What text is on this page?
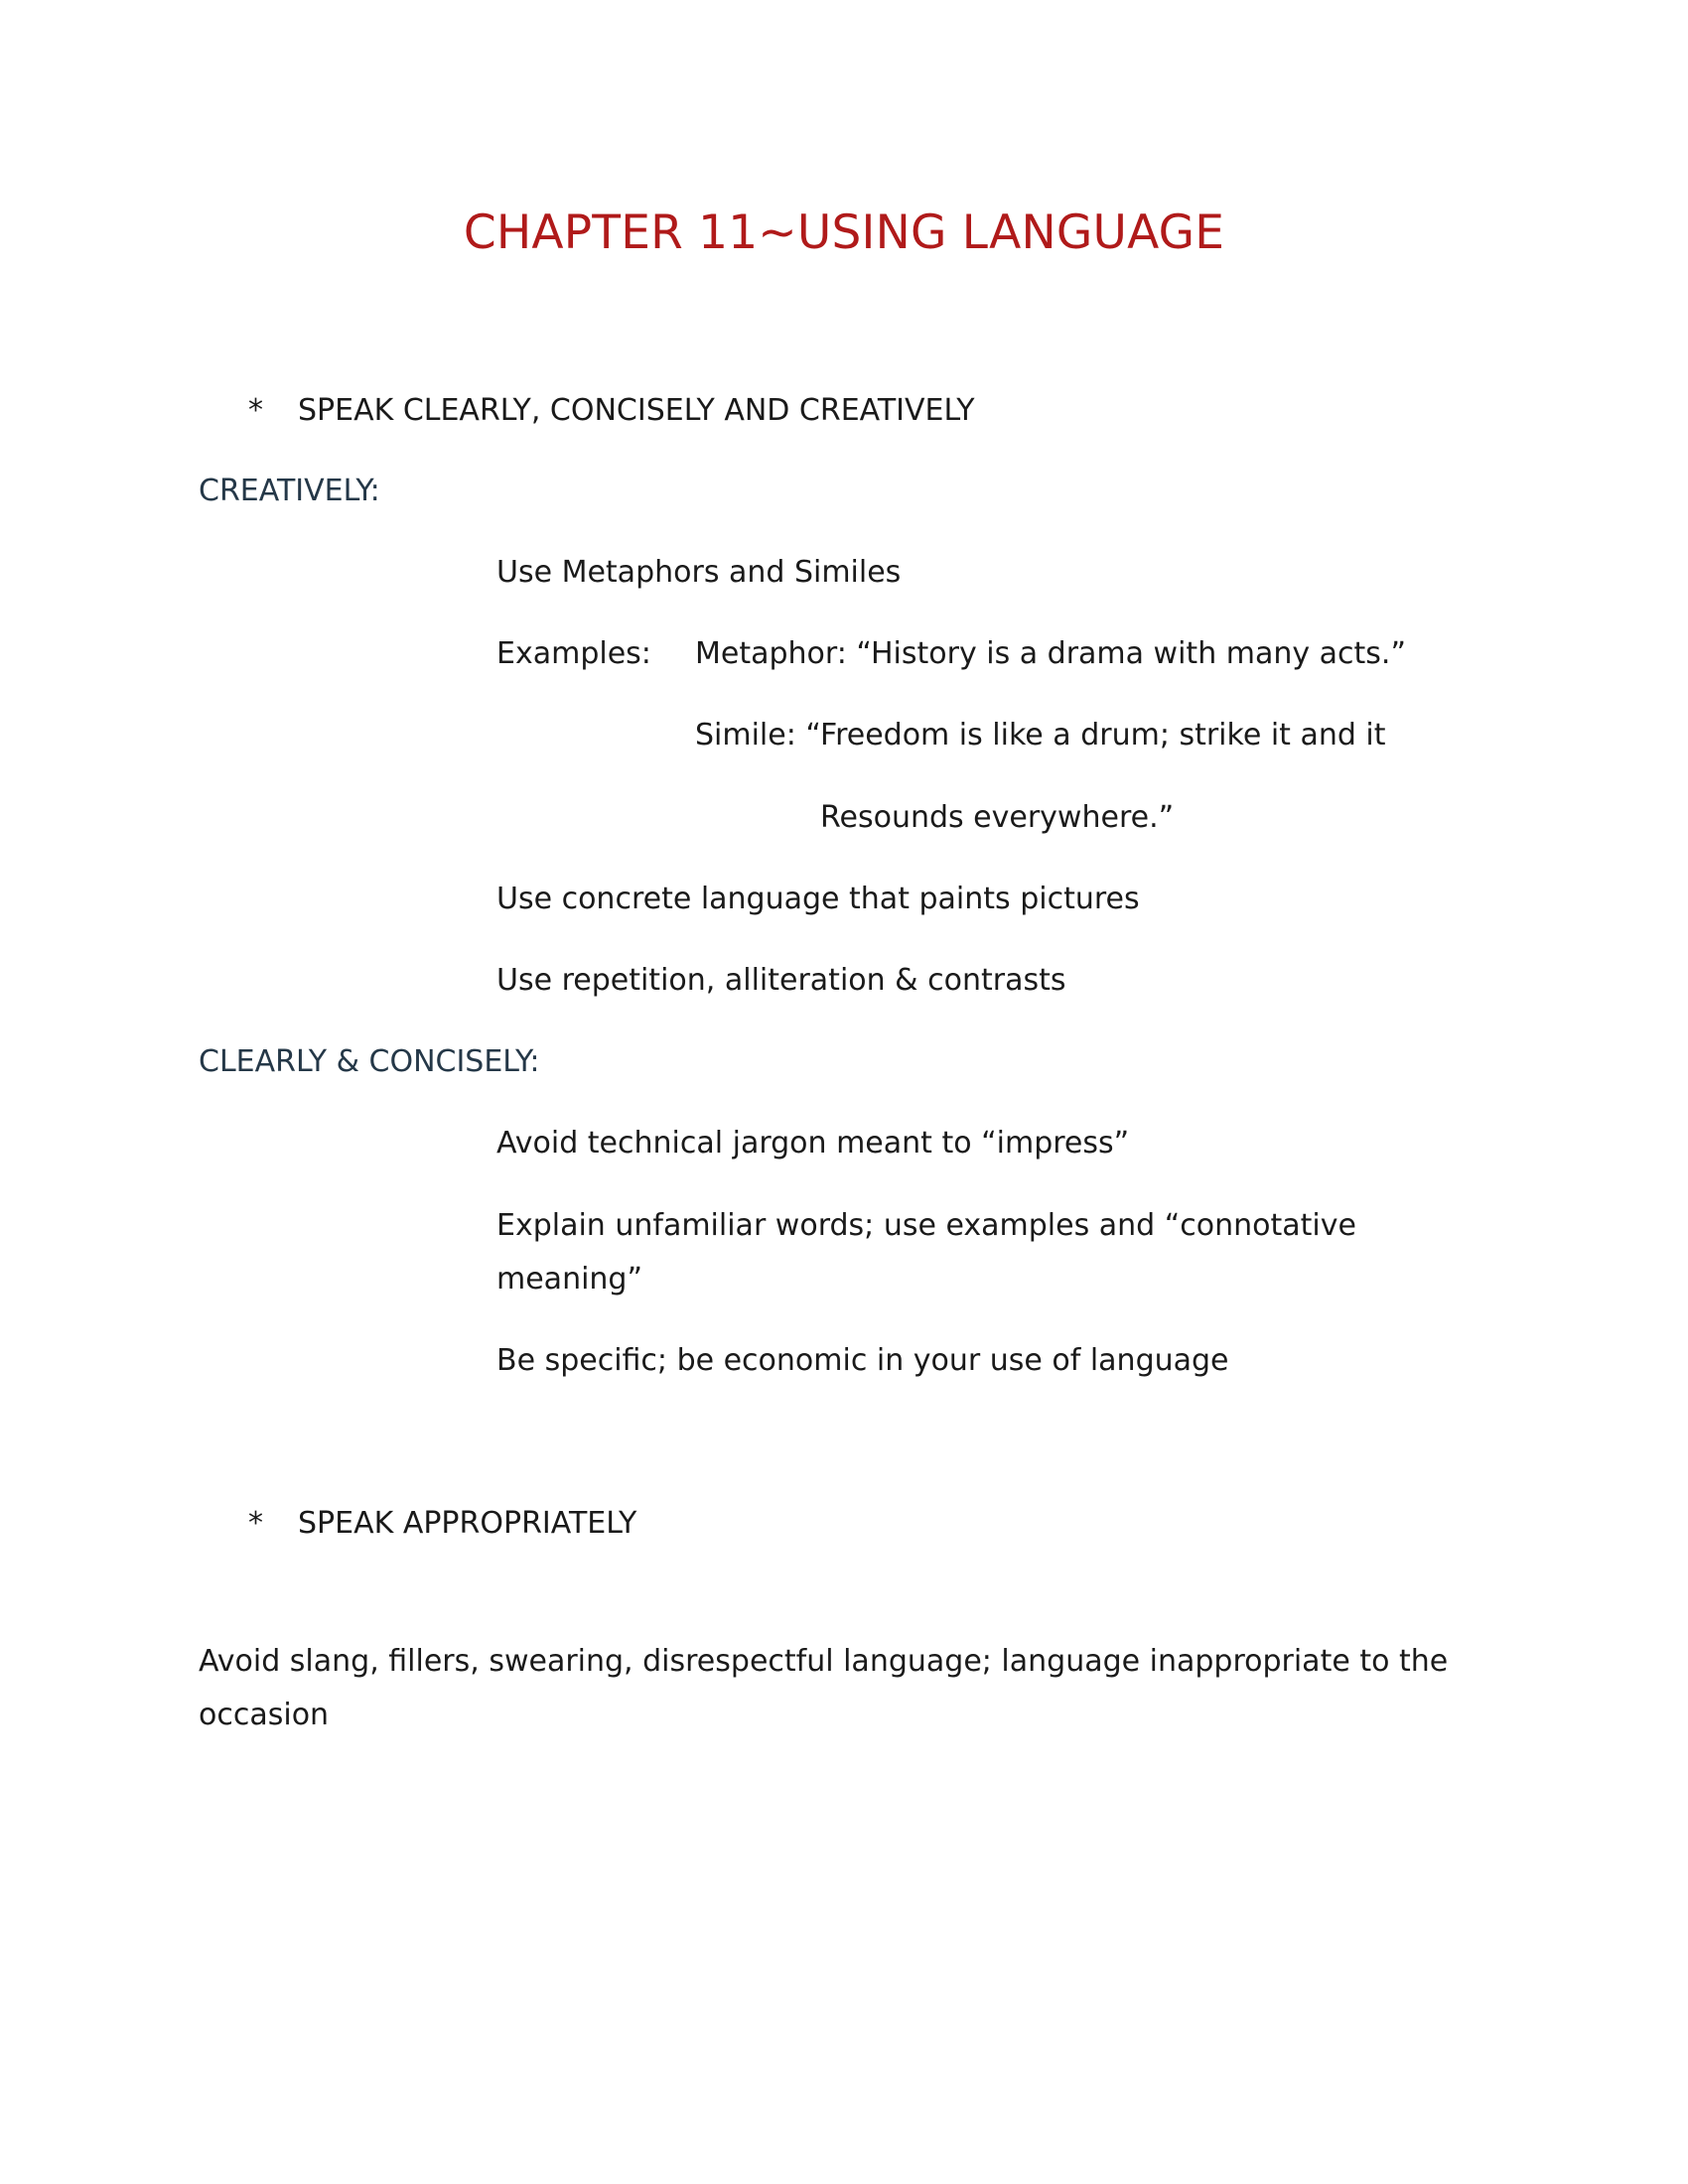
CHAPTER 11~USING LANGUAGE
* SPEAK CLEARLY, CONCISELY AND CREATIVELY
CREATIVELY:
Use Metaphors and Similes
Examples: Metaphor: “History is a drama with many acts.”
Simile: “Freedom is like a drum; strike it and it
Resounds everywhere.”
Use concrete language that paints pictures
Use repetition, alliteration & contrasts
CLEARLY & CONCISELY:
Avoid technical jargon meant to “impress”
Explain unfamiliar words; use examples and “connotative meaning”
Be specific; be economic in your use of language
* SPEAK APPROPRIATELY
Avoid slang, fillers, swearing, disrespectful language; language inappropriate to the occasion
